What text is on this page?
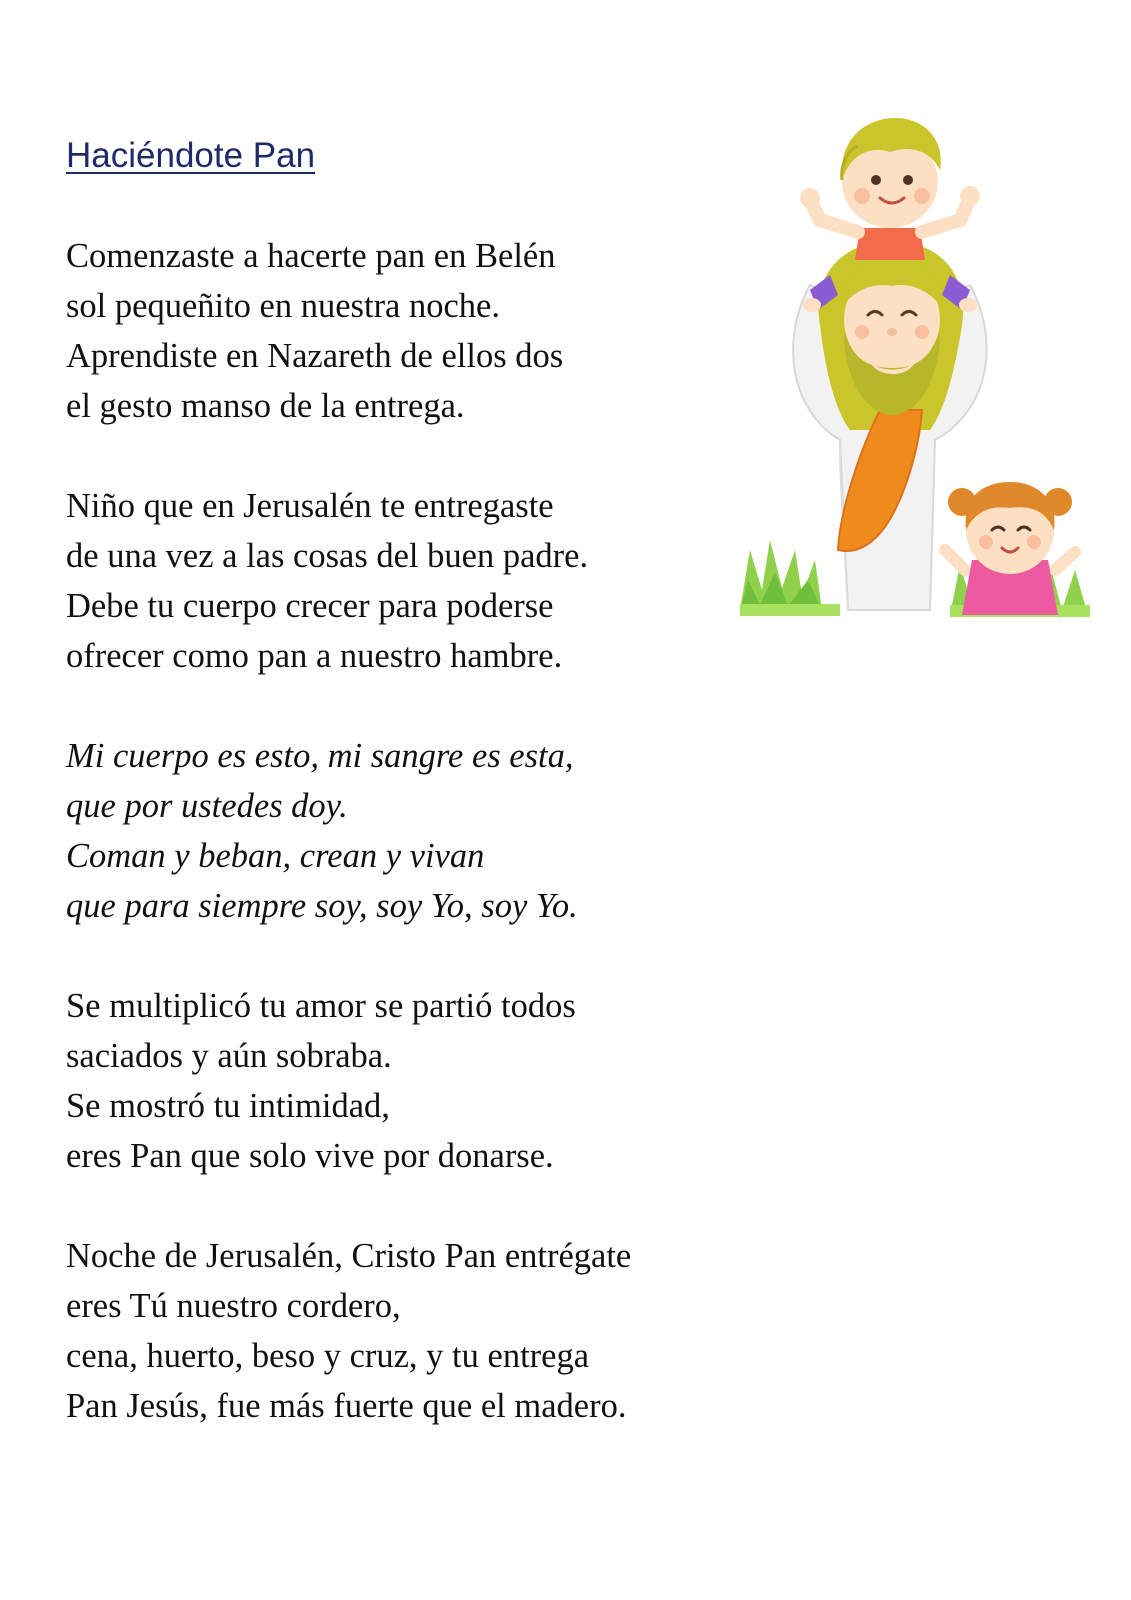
Haciéndote Pan
Comenzaste a hacerte pan en Belén
sol pequeñito en nuestra noche.
Aprendiste en Nazareth de ellos dos
el gesto manso de la entrega.
Niño que en Jerusalén te entregaste
de una vez a las cosas del buen padre.
Debe tu cuerpo crecer para poderse
ofrecer como pan a nuestro hambre.
Mi cuerpo es esto, mi sangre es esta,
que por ustedes doy.
Coman y beban, crean y vivan
que para siempre soy, soy Yo, soy Yo.
Se multiplicó tu amor se partió todos
saciados y aún sobraba.
Se mostró tu intimidad,
eres Pan que solo vive por donarse.
Noche de Jerusalén, Cristo Pan entrégate
eres Tú nuestro cordero,
cena, huerto, beso y cruz, y tu entrega
Pan Jesús, fue más fuerte que el madero.
